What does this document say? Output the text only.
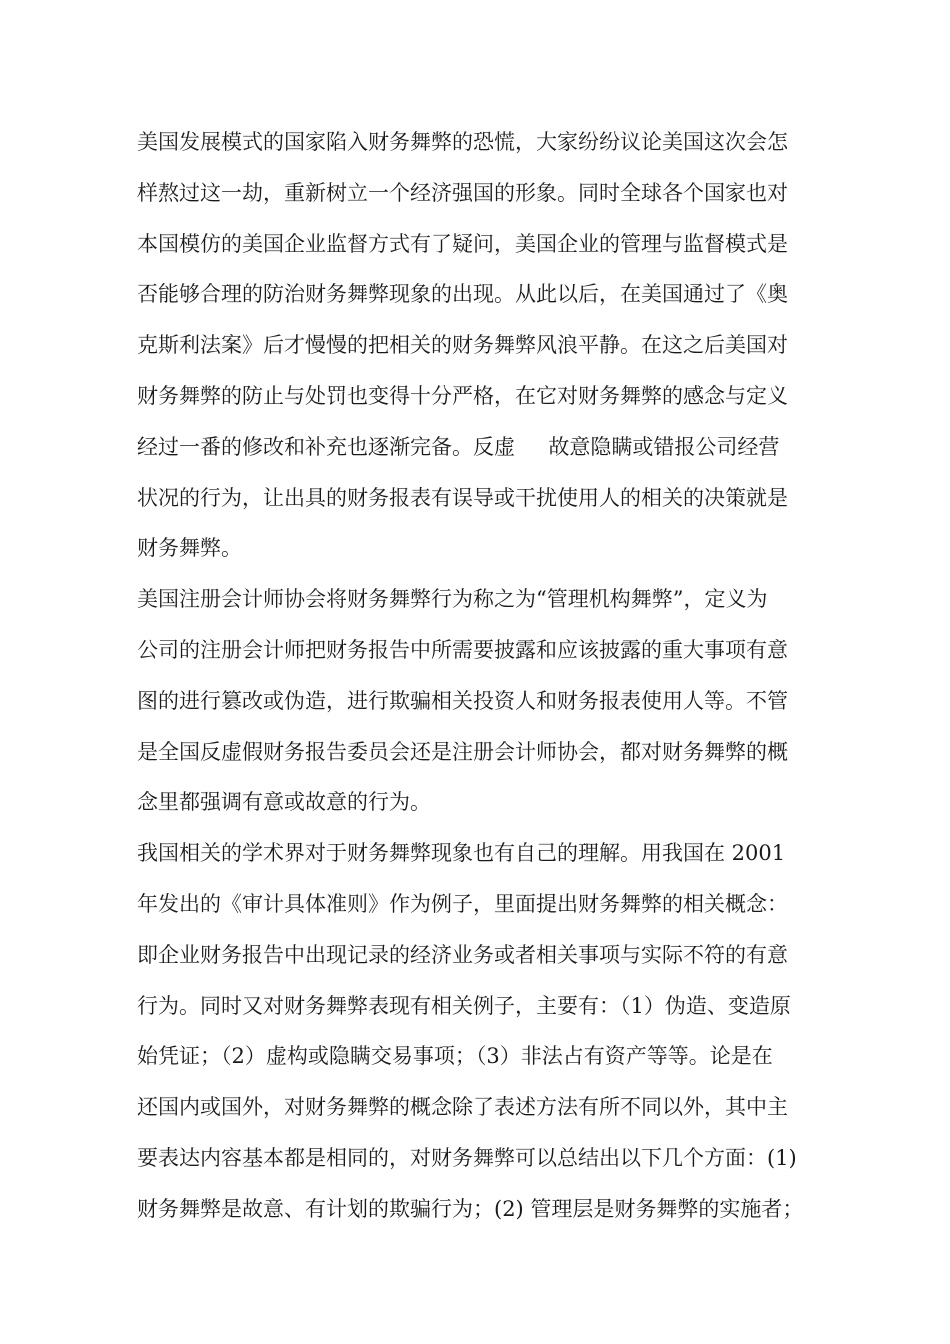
美国发展模式的国家陷入财务舞弊的恐慌，大家纷纷议论美国这次会怎
样熬过这一劫，重新树立一个经济强国的形象。同时全球各个国家也对
本国模仿的美国企业监督方式有了疑问，美国企业的管理与监督模式是
否能够合理的防治财务舞弊现象的出现。从此以后，在美国通过了《奥
克斯利法案》后才慢慢的把相关的财务舞弊风浪平静。在这之后美国对
财务舞弊的防止与处罚也变得十分严格，在它对财务舞弊的感念与定义
经过一番的修改和补充也逐渐完备。反虚     故意隐瞒或错报公司经营
状况的行为，让出具的财务报表有误导或干扰使用人的相关的决策就是
财务舞弊。
美国注册会计师协会将财务舞弊行为称之为“管理机构舞弊”，定义为
公司的注册会计师把财务报告中所需要披露和应该披露的重大事项有意
图的进行篡改或伪造，进行欺骗相关投资人和财务报表使用人等。不管
是全国反虚假财务报告委员会还是注册会计师协会，都对财务舞弊的概
念里都强调有意或故意的行为。
我国相关的学术界对于财务舞弊现象也有自己的理解。用我国在 2001
年发出的《审计具体准则》作为例子，里面提出财务舞弊的相关概念：
即企业财务报告中出现记录的经济业务或者相关事项与实际不符的有意
行为。同时又对财务舞弊表现有相关例子，主要有：（1）伪造、变造原
始凭证；（2）虚构或隐瞒交易事项；（3）非法占有资产等等。论是在
还国内或国外，对财务舞弊的概念除了表述方法有所不同以外，其中主
要表达内容基本都是相同的，对财务舞弊可以总结出以下几个方面：(1)
财务舞弊是故意、有计划的欺骗行为；(2) 管理层是财务舞弊的实施者；
